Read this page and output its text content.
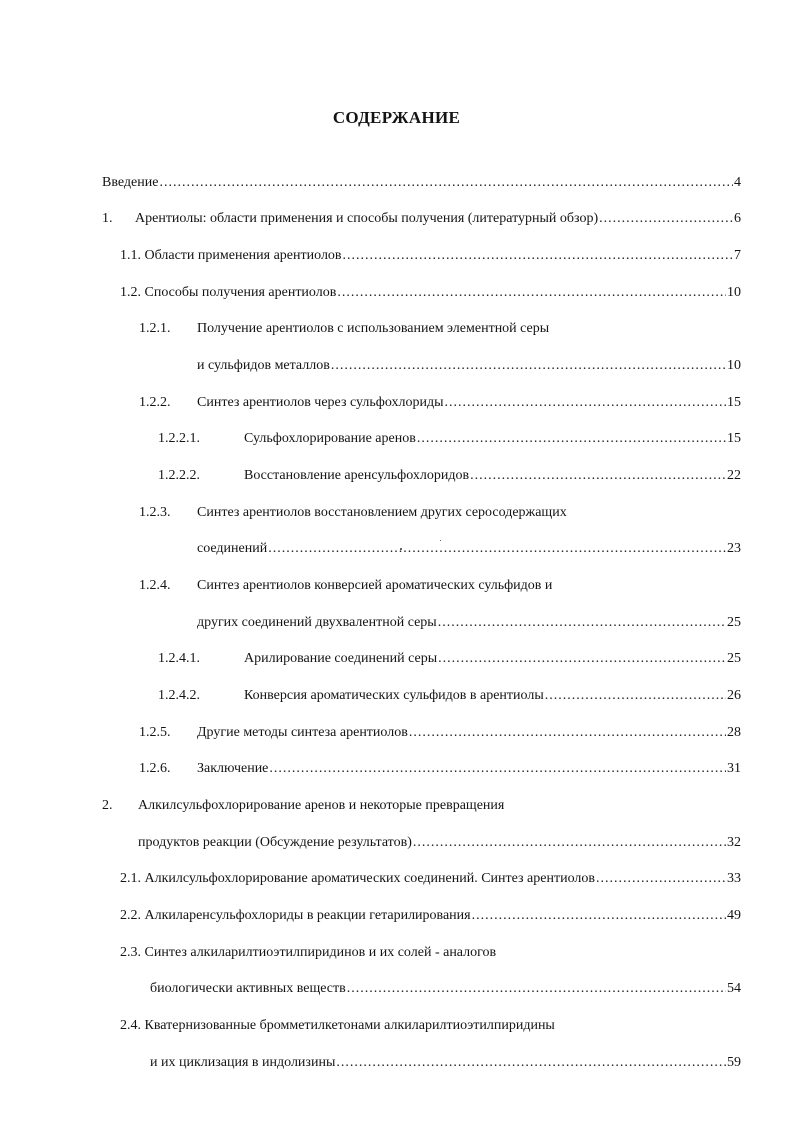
СОДЕРЖАНИЕ
Введение .....	4
1.	Арентиолы: области применения и способы получения (литературный обзор) .....	6
1.1. Области применения арентиолов .....	7
1.2. Способы получения арентиолов .....	10
1.2.1.	Получение арентиолов с использованием элементной серы
и сульфидов металлов .....	10
1.2.2.	Синтез арентиолов через сульфохлориды .....	15
1.2.2.1.	Сульфохлорирование аренов .....	15
1.2.2.2.	Восстановление аренсульфохлоридов .....	22
1.2.3.	Синтез арентиолов восстановлением других серосодержащих
соединений .....	23
1.2.4.	Синтез арентиолов конверсией ароматических сульфидов и
других соединений двухвалентной серы .....	25
1.2.4.1.	Арилирование соединений серы .....	25
1.2.4.2.	Конверсия ароматических сульфидов в арентиолы .....	26
1.2.5.	Другие методы синтеза арентиолов .....	28
1.2.6.	Заключение .....	31
2.	Алкилсульфохлорирование аренов и некоторые превращения
продуктов реакции (Обсуждение результатов) .....	32
2.1. Алкилсульфохлорирование ароматических соединений. Синтез арентиолов .....	33
2.2. Алкиларенсульфохлориды в реакции гетарилирования .....	49
2.3. Синтез алкиларилтиоэтилпиридинов и их солей - аналогов
биологически активных веществ .....	54
2.4. Кватернизованные бромметилкетонами алкиларилтиоэтилпиридины
и их циклизация в индолизины .....	59
